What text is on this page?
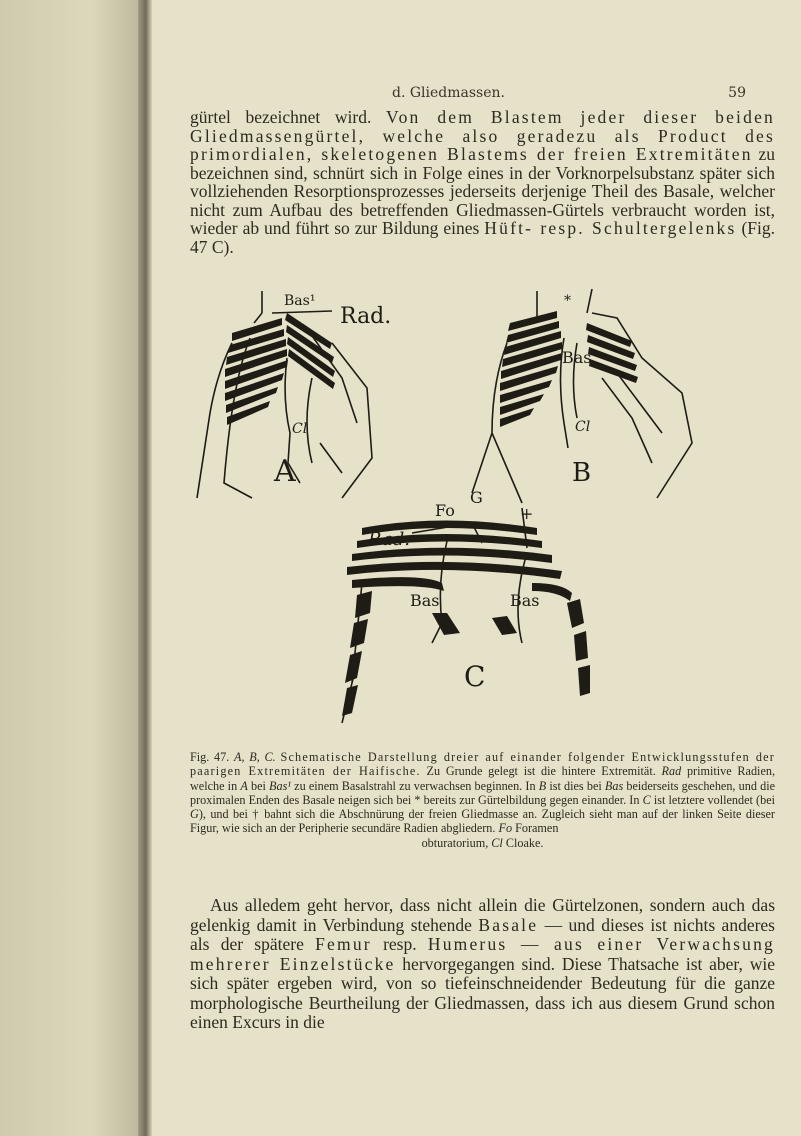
d. Gliedmassen.	59

gürtel bezeichnet wird. Von dem Blastem jeder dieser beiden Gliedmassengürtel, welche also geradezu als Product des primordialen, skeletogenen Blastems der freien Extremitäten zu bezeichnen sind, schnürt sich in Folge eines in der Vorknorpelsubstanz später sich vollziehenden Resorptionsprozesses jederseits derjenige Theil des Basale, welcher nicht zum Aufbau des betreffenden Gliedmassen-Gürtels verbraucht worden ist, wieder ab und führt so zur Bildung eines Hüft- resp. Schultergelenks (Fig. 47 C).

Bas¹
Rad.
Cl
A
*
Bas
Cl
B
Fo
G
+
Rad.
Bas	Bas
C

Fig. 47. A, B, C. Schematische Darstellung dreier auf einander folgender Entwicklungsstufen der paarigen Extremitäten der Haifische. Zu Grunde gelegt ist die hintere Extremität. Rad primitive Radien, welche in A bei Bas¹ zu einem Basalstrahl zu verwachsen beginnen. In B ist dies bei Bas beiderseits geschehen, und die proximalen Enden des Basale neigen sich bei * bereits zur Gürtelbildung gegen einander. In C ist letztere vollendet (bei G), und bei † bahnt sich die Abschnürung der freien Gliedmasse an. Zugleich sieht man auf der linken Seite dieser Figur, wie sich an der Peripherie secundäre Radien abgliedern. Fo Foramen
obturatorium, Cl Cloake.

Aus alledem geht hervor, dass nicht allein die Gürtelzonen, sondern auch das gelenkig damit in Verbindung stehende Basale — und dieses ist nichts anderes als der spätere Femur resp. Humerus — aus einer Verwachsung mehrerer Einzelstücke hervorgegangen sind. Diese Thatsache ist aber, wie sich später ergeben wird, von so tiefeinschneidender Bedeutung für die ganze morphologische Beurtheilung der Gliedmassen, dass ich aus diesem Grund schon einen Excurs in die
